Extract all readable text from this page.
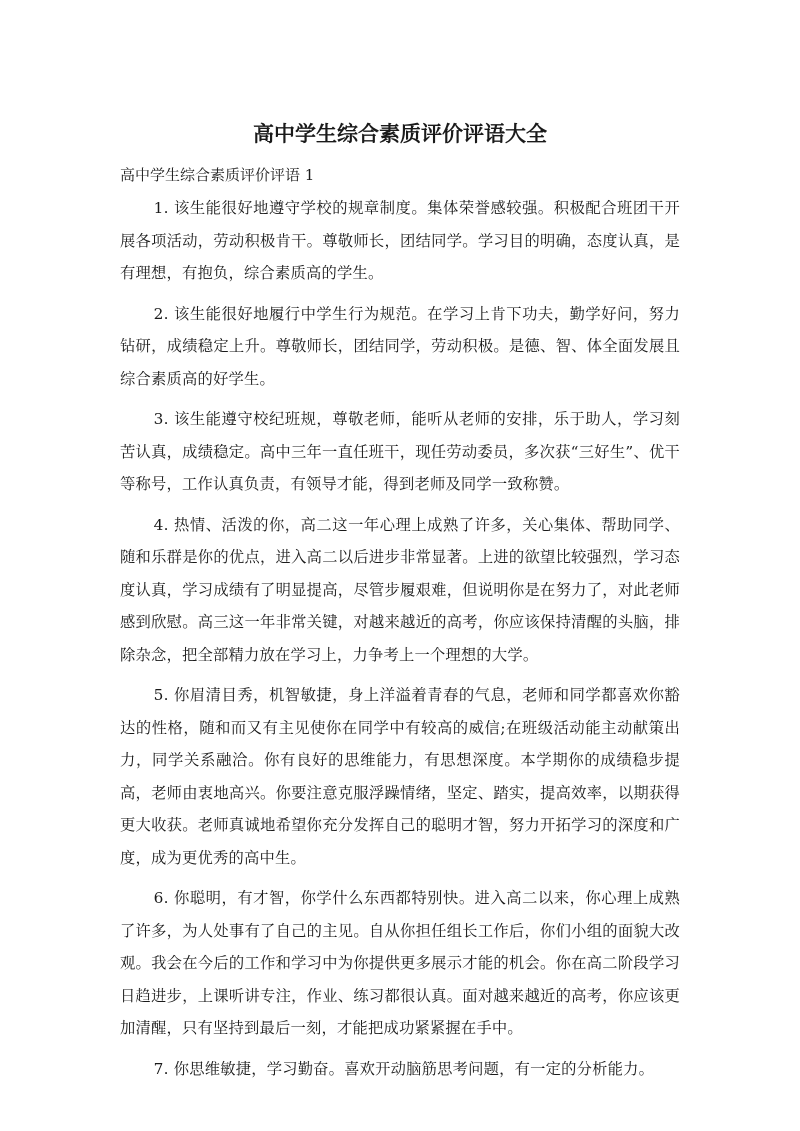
高中学生综合素质评价评语大全

高中学生综合素质评价评语 1

1. 该生能很好地遵守学校的规章制度。集体荣誉感较强。积极配合班团干开展各项活动，劳动积极肯干。尊敬师长，团结同学。学习目的明确，态度认真，是有理想，有抱负，综合素质高的学生。

2. 该生能很好地履行中学生行为规范。在学习上肯下功夫，勤学好问，努力钻研，成绩稳定上升。尊敬师长，团结同学，劳动积极。是德、智、体全面发展且综合素质高的好学生。

3. 该生能遵守校纪班规，尊敬老师，能听从老师的安排，乐于助人，学习刻苦认真，成绩稳定。高中三年一直任班干，现任劳动委员，多次获“三好生”、优干等称号，工作认真负责，有领导才能，得到老师及同学一致称赞。

4. 热情、活泼的你，高二这一年心理上成熟了许多，关心集体、帮助同学、随和乐群是你的优点，进入高二以后进步非常显著。上进的欲望比较强烈，学习态度认真，学习成绩有了明显提高，尽管步履艰难，但说明你是在努力了，对此老师感到欣慰。高三这一年非常关键，对越来越近的高考，你应该保持清醒的头脑，排除杂念，把全部精力放在学习上，力争考上一个理想的大学。

5. 你眉清目秀，机智敏捷，身上洋溢着青春的气息，老师和同学都喜欢你豁达的性格，随和而又有主见使你在同学中有较高的威信;在班级活动能主动献策出力，同学关系融洽。你有良好的思维能力，有思想深度。本学期你的成绩稳步提高，老师由衷地高兴。你要注意克服浮躁情绪，坚定、踏实，提高效率，以期获得更大收获。老师真诚地希望你充分发挥自己的聪明才智，努力开拓学习的深度和广度，成为更优秀的高中生。

6. 你聪明，有才智，你学什么东西都特别快。进入高二以来，你心理上成熟了许多，为人处事有了自己的主见。自从你担任组长工作后，你们小组的面貌大改观。我会在今后的工作和学习中为你提供更多展示才能的机会。你在高二阶段学习日趋进步，上课听讲专注，作业、练习都很认真。面对越来越近的高考，你应该更加清醒，只有坚持到最后一刻，才能把成功紧紧握在手中。

7. 你思维敏捷，学习勤奋。喜欢开动脑筋思考问题，有一定的分析能力。
